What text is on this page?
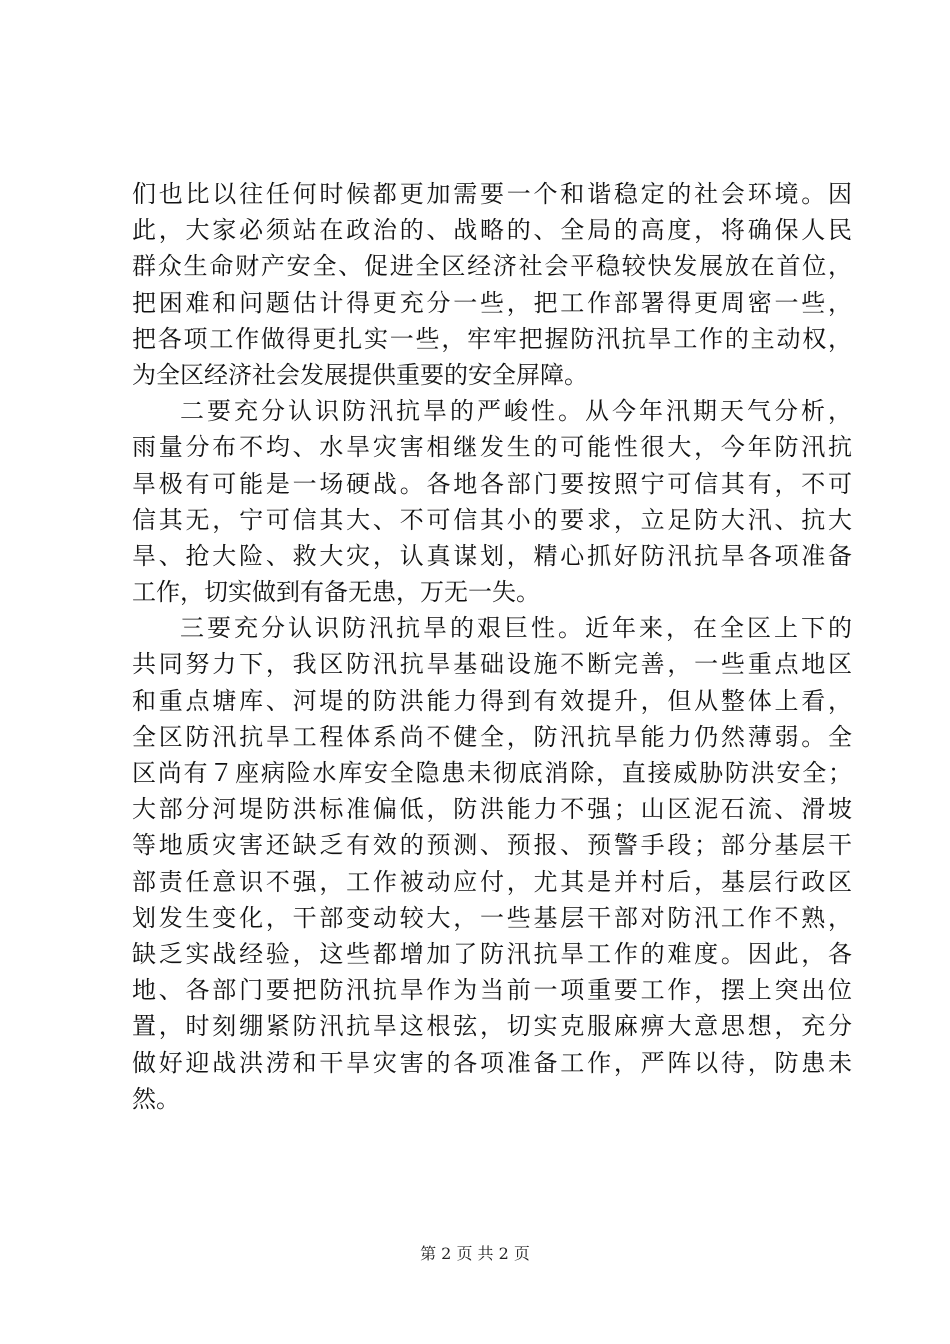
们也比以往任何时候都更加需要一个和谐稳定的社会环境。因
此，大家必须站在政治的、战略的、全局的高度，将确保人民
群众生命财产安全、促进全区经济社会平稳较快发展放在首位，
把困难和问题估计得更充分一些，把工作部署得更周密一些，
把各项工作做得更扎实一些，牢牢把握防汛抗旱工作的主动权，
为全区经济社会发展提供重要的安全屏障。
二要充分认识防汛抗旱的严峻性。从今年汛期天气分析，
雨量分布不均、水旱灾害相继发生的可能性很大，今年防汛抗
旱极有可能是一场硬战。各地各部门要按照宁可信其有，不可
信其无，宁可信其大、不可信其小的要求，立足防大汛、抗大
旱、抢大险、救大灾，认真谋划，精心抓好防汛抗旱各项准备
工作，切实做到有备无患，万无一失。
三要充分认识防汛抗旱的艰巨性。近年来，在全区上下的
共同努力下，我区防汛抗旱基础设施不断完善，一些重点地区
和重点塘库、河堤的防洪能力得到有效提升，但从整体上看，
全区防汛抗旱工程体系尚不健全，防汛抗旱能力仍然薄弱。全
区尚有７座病险水库安全隐患未彻底消除，直接威胁防洪安全；
大部分河堤防洪标准偏低，防洪能力不强；山区泥石流、滑坡
等地质灾害还缺乏有效的预测、预报、预警手段；部分基层干
部责任意识不强，工作被动应付，尤其是并村后，基层行政区
划发生变化，干部变动较大，一些基层干部对防汛工作不熟，
缺乏实战经验，这些都增加了防汛抗旱工作的难度。因此，各
地、各部门要把防汛抗旱作为当前一项重要工作，摆上突出位
置，时刻绷紧防汛抗旱这根弦，切实克服麻痹大意思想，充分
做好迎战洪涝和干旱灾害的各项准备工作，严阵以待，防患未
然。
第 2 页 共 2 页
